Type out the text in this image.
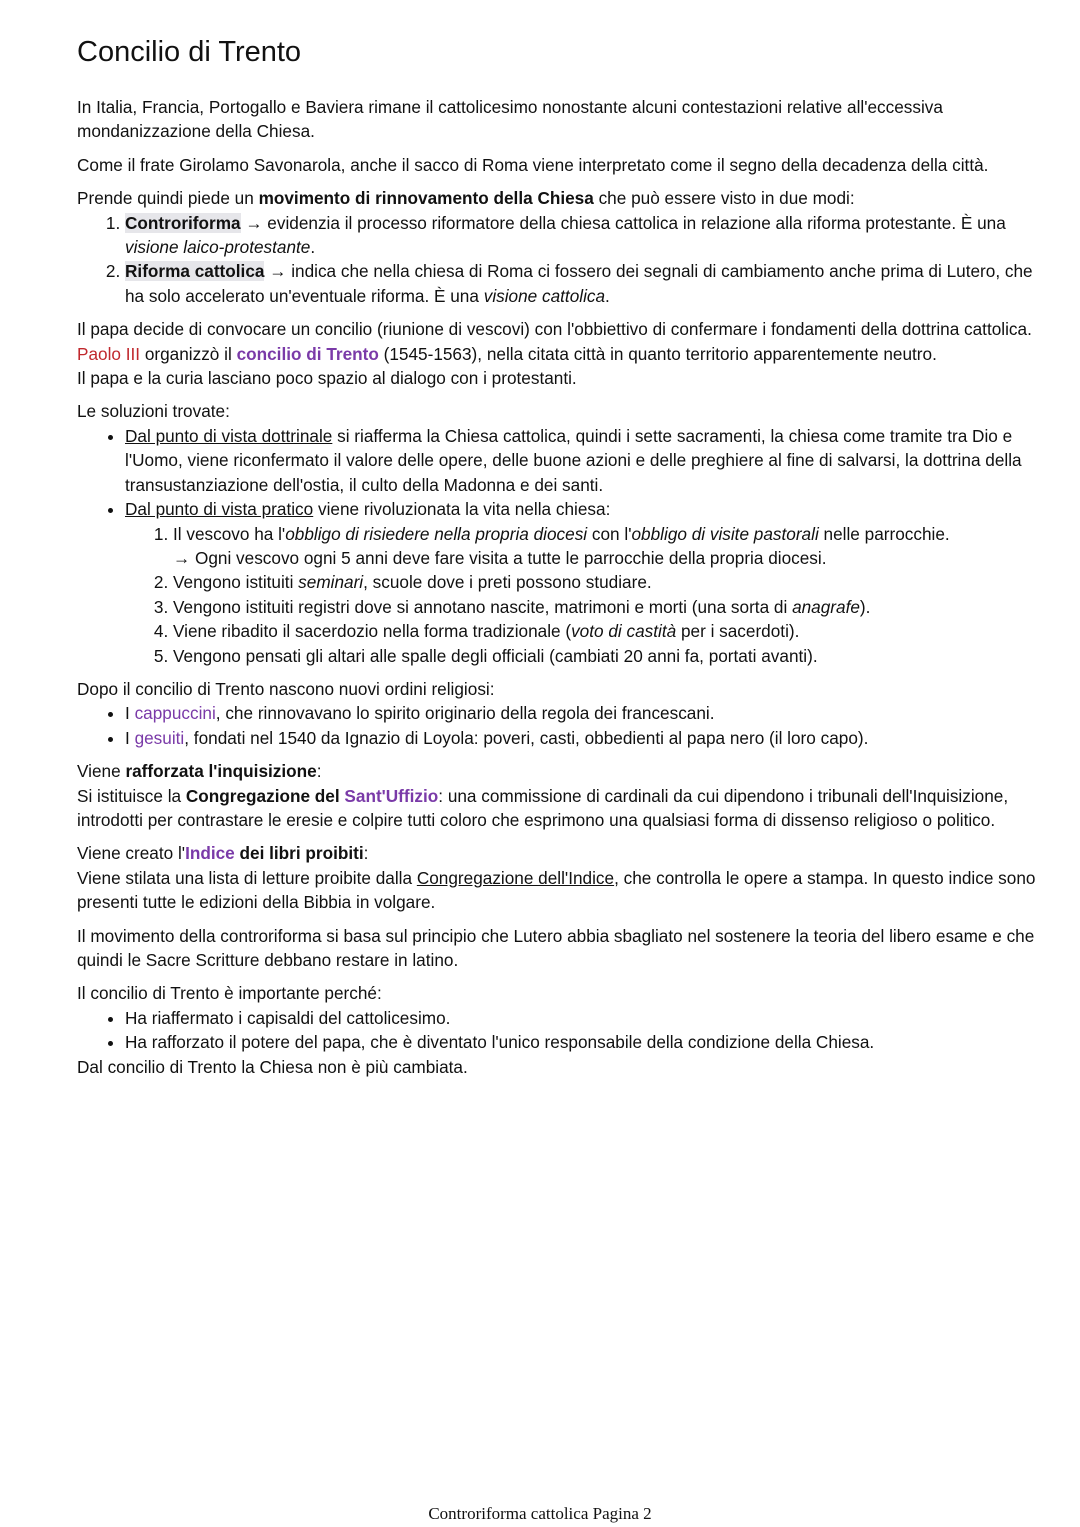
Concilio di Trento

In Italia, Francia, Portogallo e Baviera rimane il cattolicesimo nonostante alcuni contestazioni relative all'eccessiva mondanizzazione della Chiesa.

Come il frate Girolamo Savonarola, anche il sacco di Roma viene interpretato come il segno della decadenza della città.

Prende quindi piede un movimento di rinnovamento della Chiesa che può essere visto in due modi:

1. Controriforma → evidenzia il processo riformatore della chiesa cattolica in relazione alla riforma protestante. È una visione laico-protestante.
2. Riforma cattolica → indica che nella chiesa di Roma ci fossero dei segnali di cambiamento anche prima di Lutero, che ha solo accelerato un'eventuale riforma. È una visione cattolica.

Il papa decide di convocare un concilio (riunione di vescovi) con l'obbiettivo di confermare i fondamenti della dottrina cattolica. Paolo III organizzò il concilio di Trento (1545-1563), nella citata città in quanto territorio apparentemente neutro.
Il papa e la curia lasciano poco spazio al dialogo con i protestanti.

Le soluzioni trovate:

• Dal punto di vista dottrinale si riafferma la Chiesa cattolica, quindi i sette sacramenti, la chiesa come tramite tra Dio e l'Uomo, viene riconfermato il valore delle opere, delle buone azioni e delle preghiere al fine di salvarsi, la dottrina della transustanziazione dell'ostia, il culto della Madonna e dei santi.
• Dal punto di vista pratico viene rivoluzionata la vita nella chiesa:
1. Il vescovo ha l'obbligo di risiedere nella propria diocesi con l'obbligo di visite pastorali nelle parrocchie.
→ Ogni vescovo ogni 5 anni deve fare visita a tutte le parrocchie della propria diocesi.
2. Vengono istituiti seminari, scuole dove i preti possono studiare.
3. Vengono istituiti registri dove si annotano nascite, matrimoni e morti (una sorta di anagrafe).
4. Viene ribadito il sacerdozio nella forma tradizionale (voto di castità per i sacerdoti).
5. Vengono pensati gli altari alle spalle degli officiali (cambiati 20 anni fa, portati avanti).

Dopo il concilio di Trento nascono nuovi ordini religiosi:

• I cappuccini, che rinnovavano lo spirito originario della regola dei francescani.
• I gesuiti, fondati nel 1540 da Ignazio di Loyola: poveri, casti, obbedienti al papa nero (il loro capo).

Viene rafforzata l'inquisizione:
Si istituisce la Congregazione del Sant'Uffizio: una commissione di cardinali da cui dipendono i tribunali dell'Inquisizione, introdotti per contrastare le eresie e colpire tutti coloro che esprimono una qualsiasi forma di dissenso religioso o politico.

Viene creato l'Indice dei libri proibiti:
Viene stilata una lista di letture proibite dalla Congregazione dell'Indice, che controlla le opere a stampa. In questo indice sono presenti tutte le edizioni della Bibbia in volgare.

Il movimento della controriforma si basa sul principio che Lutero abbia sbagliato nel sostenere la teoria del libero esame e che quindi le Sacre Scritture debbano restare in latino.

Il concilio di Trento è importante perché:

• Ha riaffermato i capisaldi del cattolicesimo.
• Ha rafforzato il potere del papa, che è diventato l'unico responsabile della condizione della Chiesa.

Dal concilio di Trento la Chiesa non è più cambiata.

Controriforma cattolica Pagina 2
